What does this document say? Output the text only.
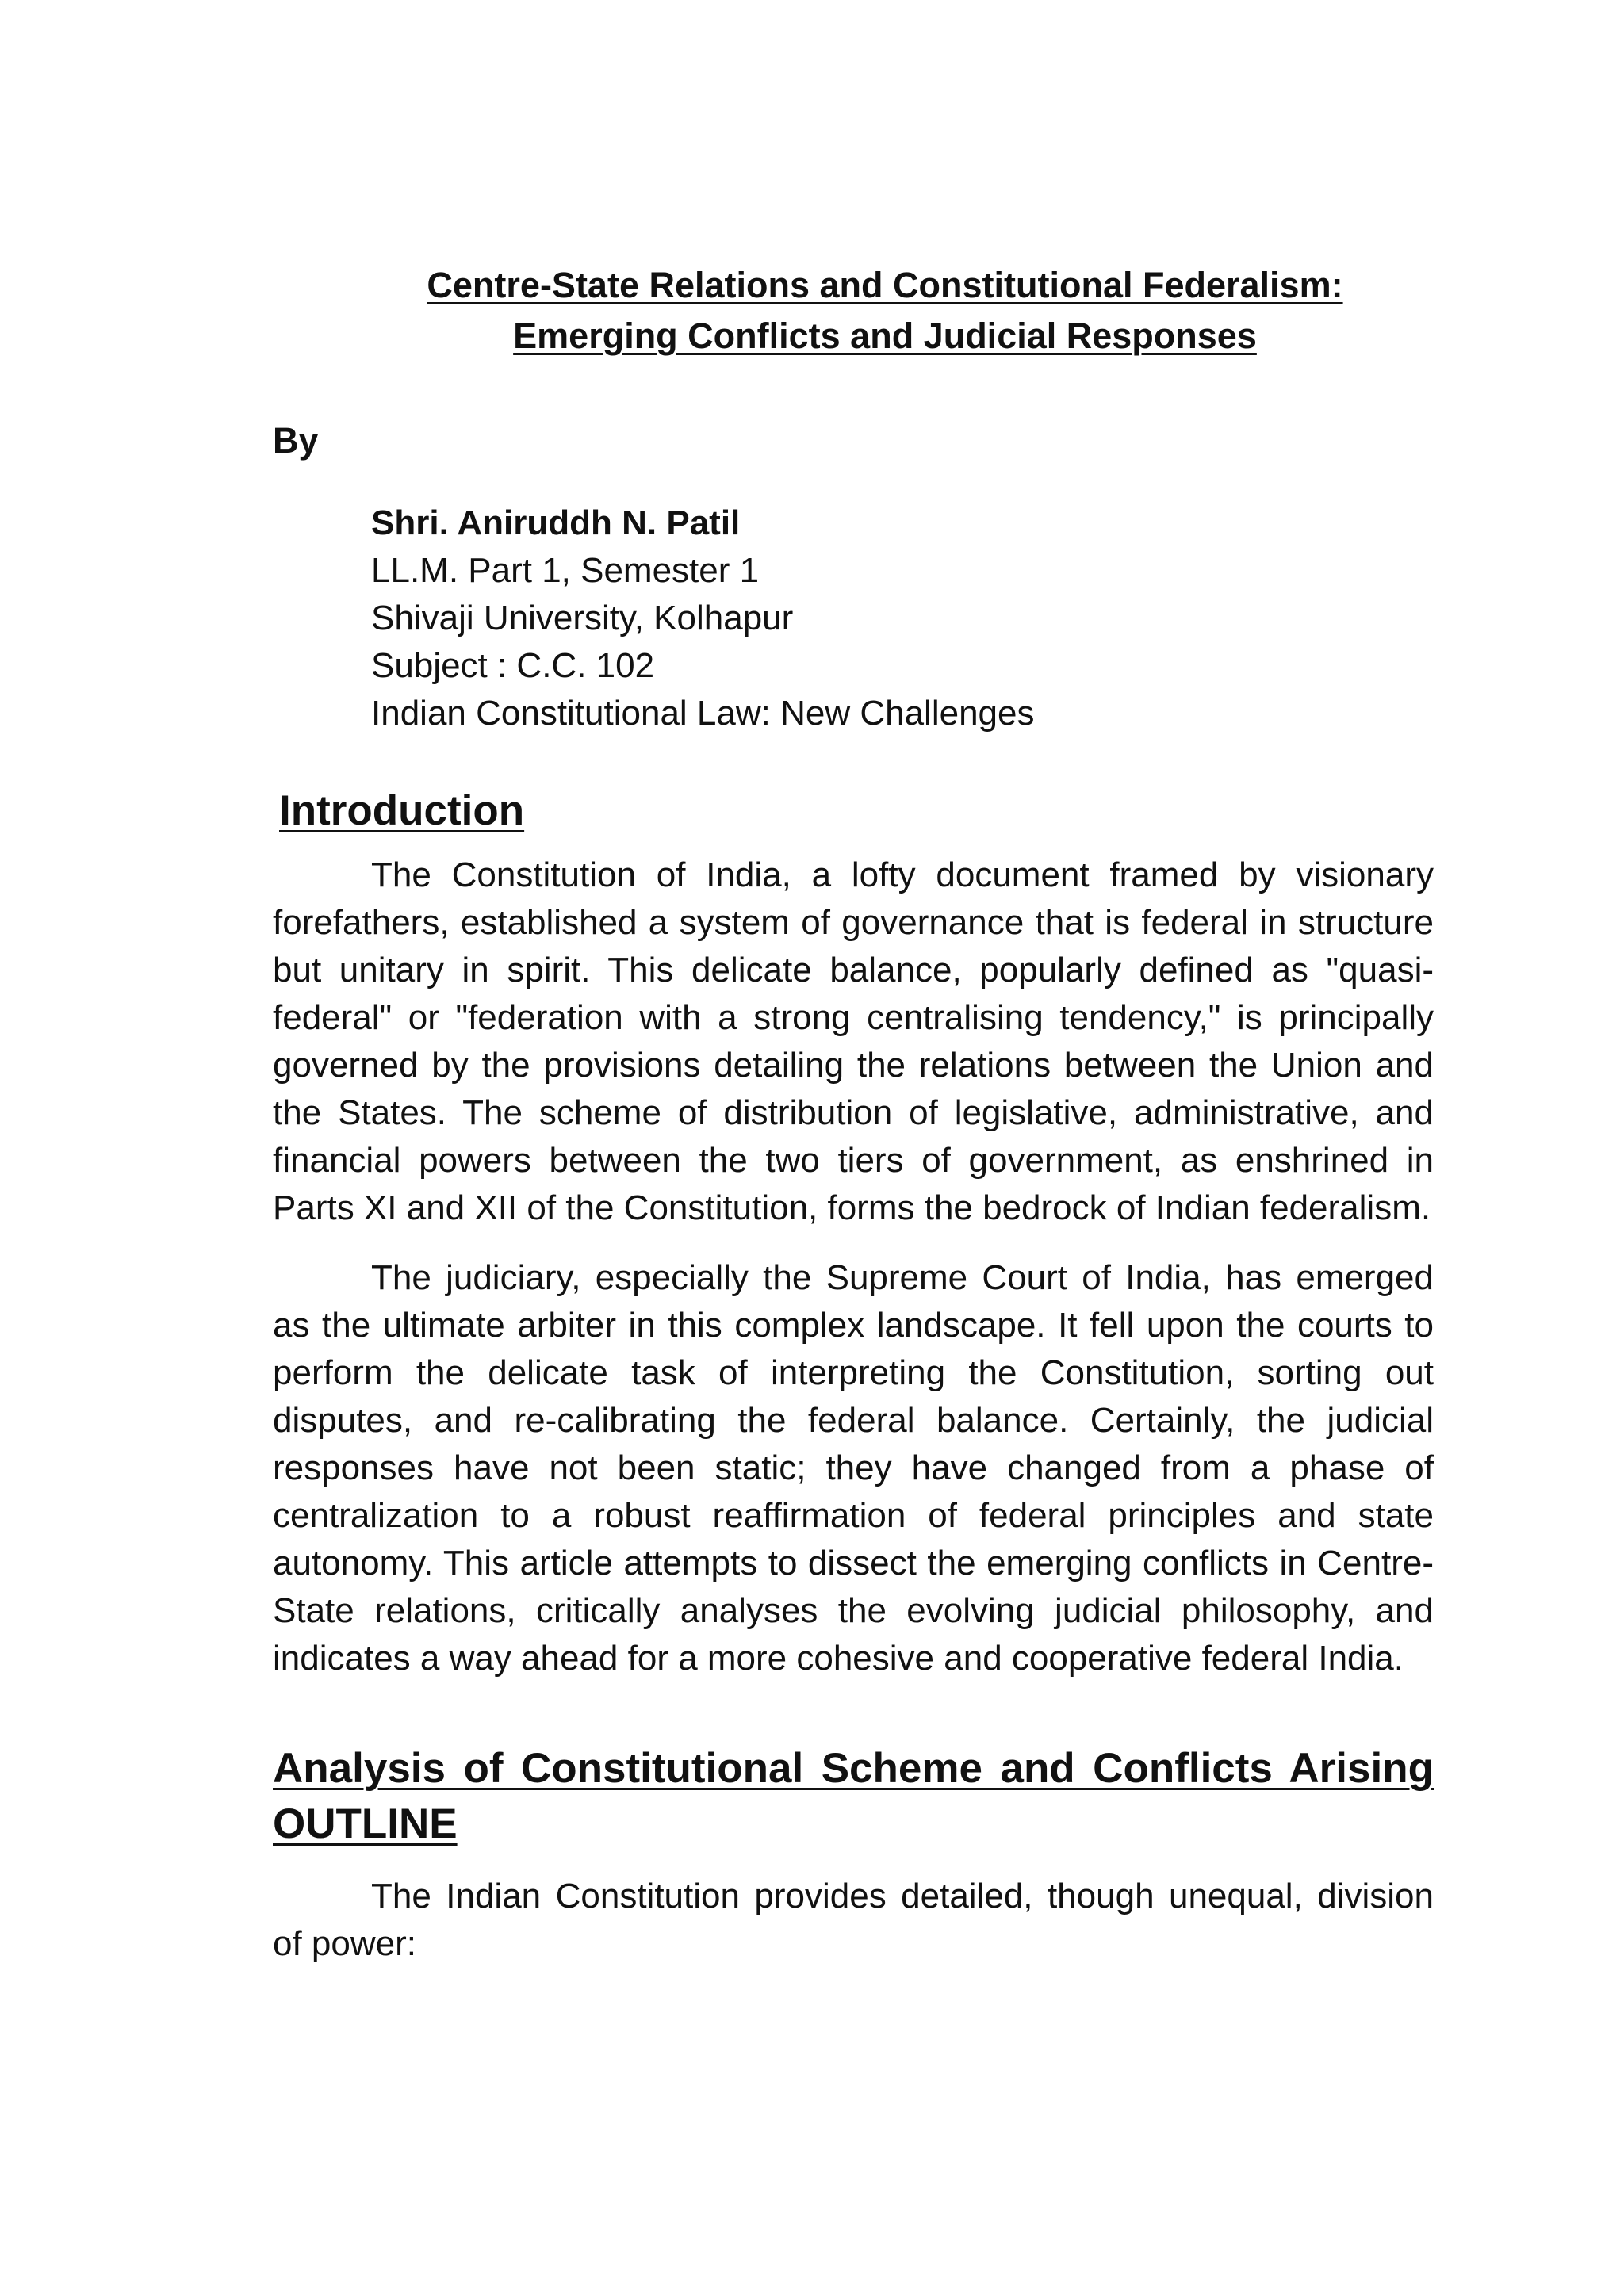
Centre-State Relations and Constitutional Federalism:
Emerging Conflicts and Judicial Responses
By
Shri. Aniruddh N. Patil
LL.M. Part 1, Semester 1
Shivaji University, Kolhapur
Subject : C.C. 102
Indian Constitutional Law: New Challenges
Introduction

The Constitution of India, a lofty document framed by visionary forefathers, established a system of governance that is federal in structure but unitary in spirit. This delicate balance, popularly defined as "quasi-federal" or "federation with a strong centralising tendency," is principally governed by the provisions detailing the relations between the Union and the States. The scheme of distribution of legislative, administrative, and financial powers between the two tiers of government, as enshrined in Parts XI and XII of the Constitution, forms the bedrock of Indian federalism.

The judiciary, especially the Supreme Court of India, has emerged as the ultimate arbiter in this complex landscape. It fell upon the courts to perform the delicate task of interpreting the Constitution, sorting out disputes, and re-calibrating the federal balance. Certainly, the judicial responses have not been static; they have changed from a phase of centralization to a robust reaffirmation of federal principles and state autonomy. This article attempts to dissect the emerging conflicts in Centre-State relations, critically analyses the evolving judicial philosophy, and indicates a way ahead for a more cohesive and cooperative federal India.

Analysis of Constitutional Scheme and Conflicts Arising OUTLINE

The Indian Constitution provides detailed, though unequal, division of power:
